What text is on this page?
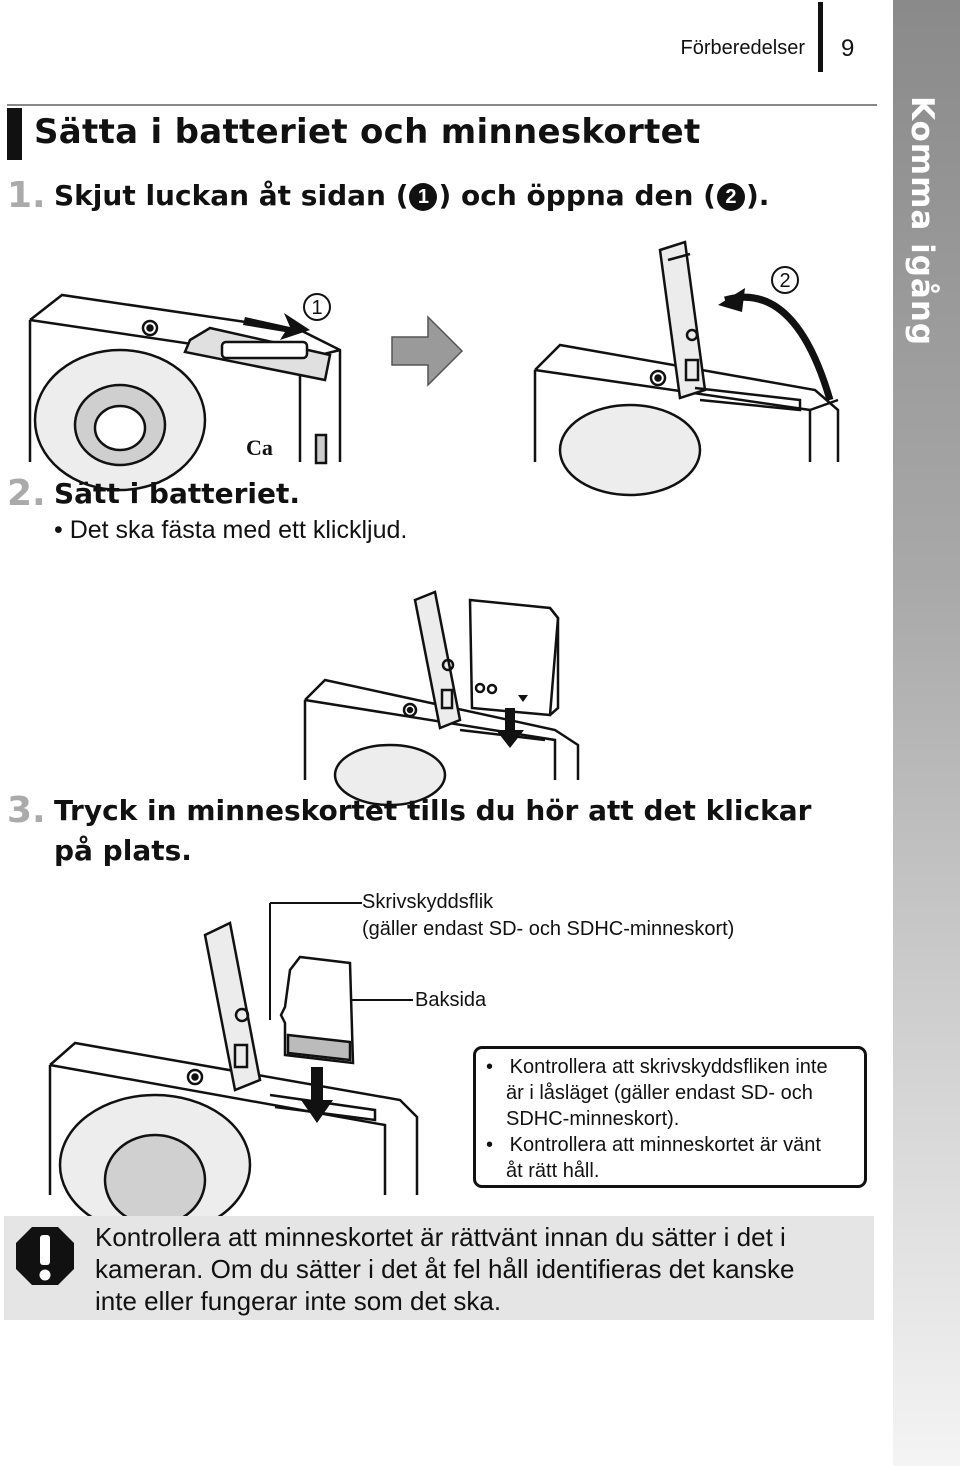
Komma igång
Förberedelser 9
Sätta i batteriet och minneskortet
1. Skjut luckan åt sidan ( 1 ) och öppna den ( 2 ).
Ca
1
2
2. Sätt i batteriet.
• Det ska fästa med ett klickljud.
3. Tryck in minneskortet tills du hör att det klickar
på plats.
Skrivskyddsflik
(gäller endast SD- och SDHC-minneskort)
Baksida
•   Kontrollera att skrivskyddsfliken inte
är i låsläget (gäller endast SD- och
SDHC-minneskort).
•   Kontrollera att minneskortet är vänt
åt rätt håll.
Kontrollera att minneskortet är rättvänt innan du sätter i det i
kameran. Om du sätter i det åt fel håll identifieras det kanske
inte eller fungerar inte som det ska.
